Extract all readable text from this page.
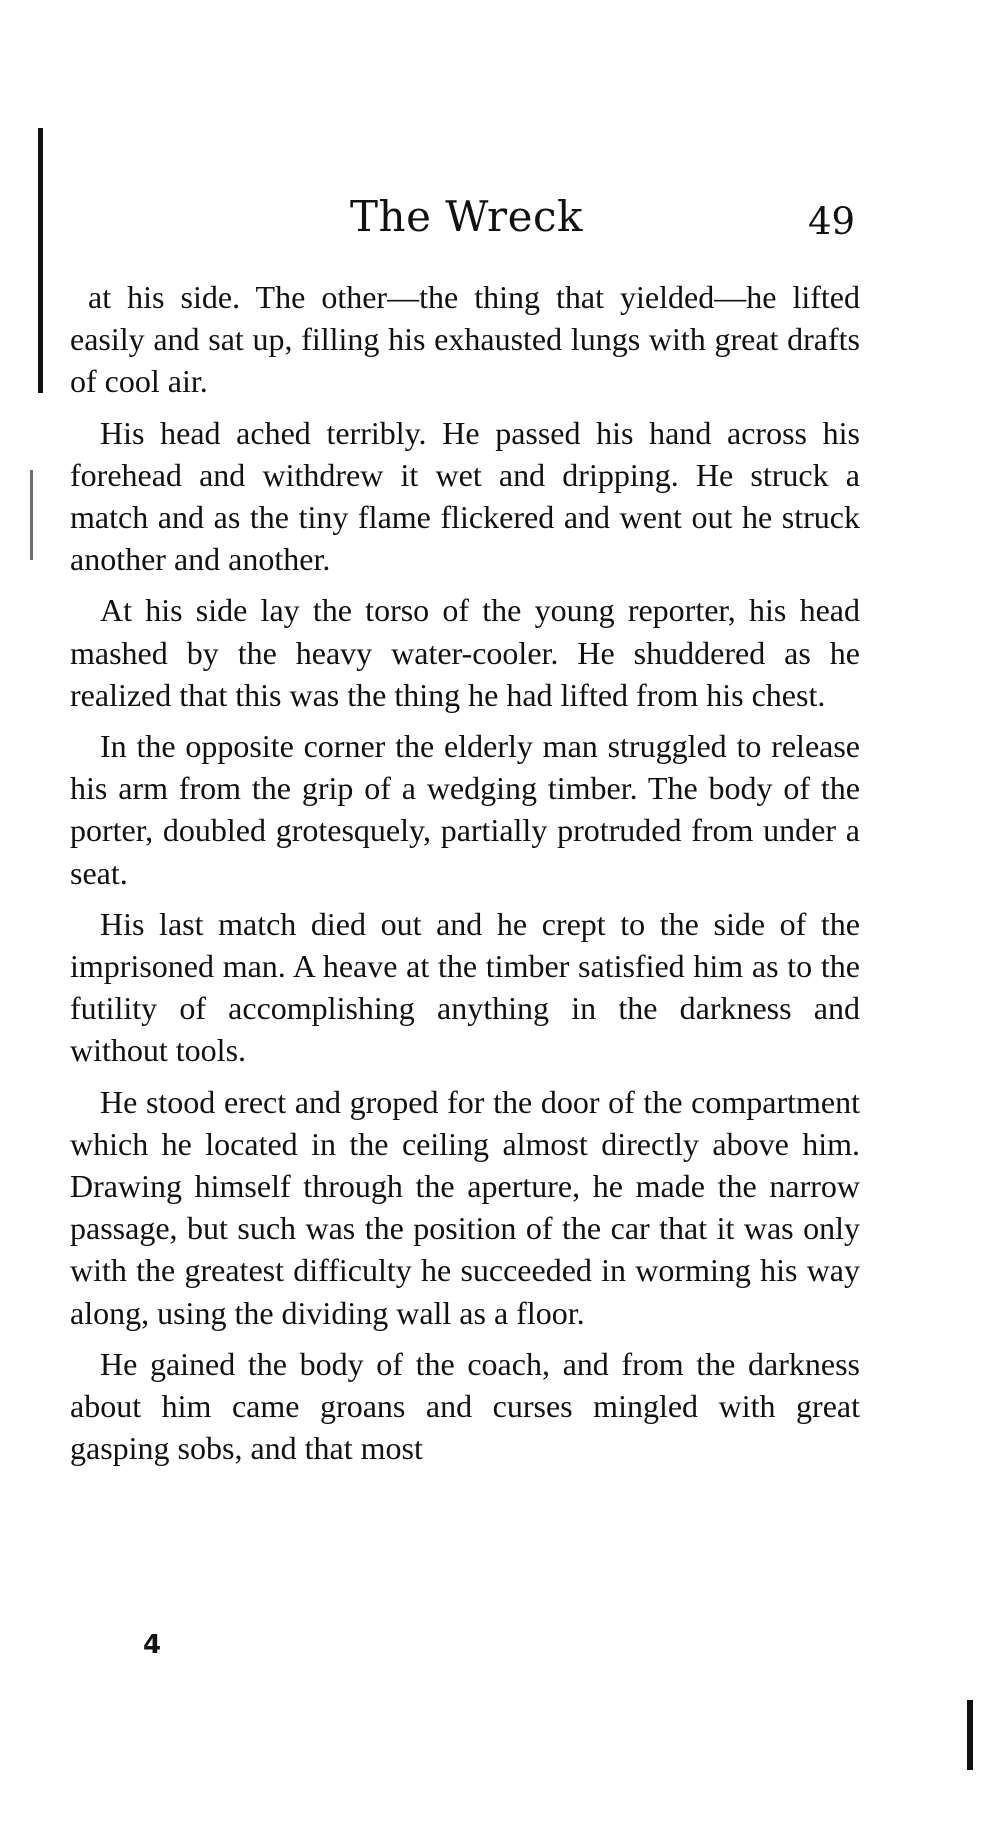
The Wreck	49

at his side. The other—the thing that yielded—he lifted easily and sat up, filling his exhausted lungs with great drafts of cool air.

His head ached terribly. He passed his hand across his forehead and withdrew it wet and dripping. He struck a match and as the tiny flame flickered and went out he struck another and another.

At his side lay the torso of the young reporter, his head mashed by the heavy water-cooler. He shuddered as he realized that this was the thing he had lifted from his chest.

In the opposite corner the elderly man struggled to release his arm from the grip of a wedging timber. The body of the porter, doubled grotesquely, partially protruded from under a seat.

His last match died out and he crept to the side of the imprisoned man. A heave at the timber satisfied him as to the futility of accomplishing anything in the darkness and without tools.

He stood erect and groped for the door of the compartment which he located in the ceiling almost directly above him. Drawing himself through the aperture, he made the narrow passage, but such was the position of the car that it was only with the greatest difficulty he succeeded in worming his way along, using the dividing wall as a floor.

He gained the body of the coach, and from the darkness about him came groans and curses mingled with great gasping sobs, and that most

4
